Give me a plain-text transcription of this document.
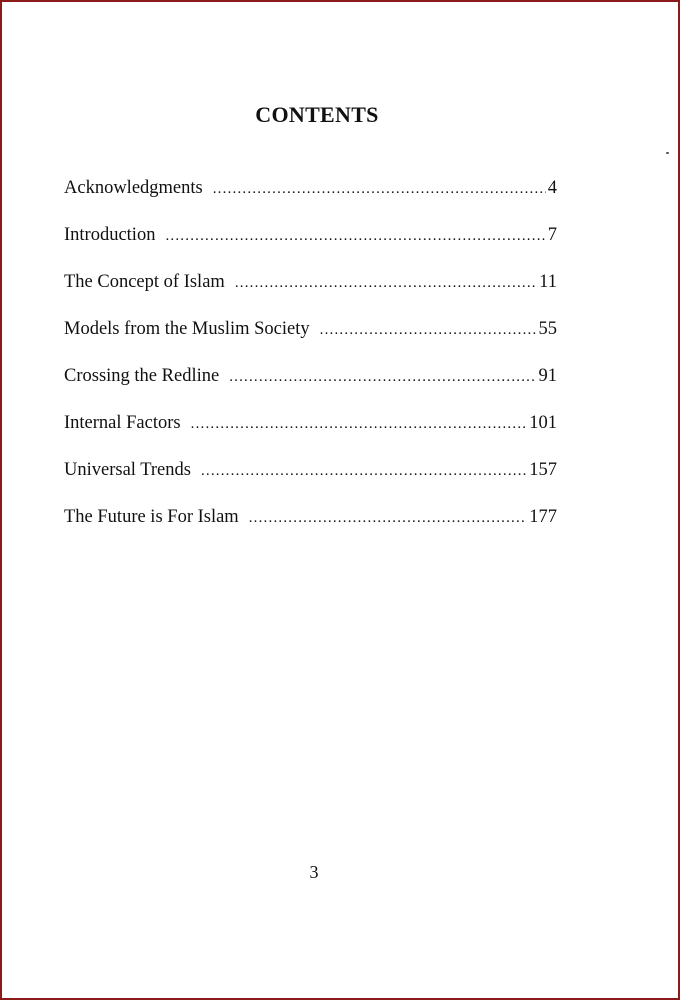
CONTENTS
Acknowledgments .....	4
Introduction .....	7
The Concept of Islam .....	11
Models from the Muslim Society .....	55
Crossing the Redline .....	91
Internal Factors .....	101
Universal Trends .....	157
The Future is For Islam .....	177
3
